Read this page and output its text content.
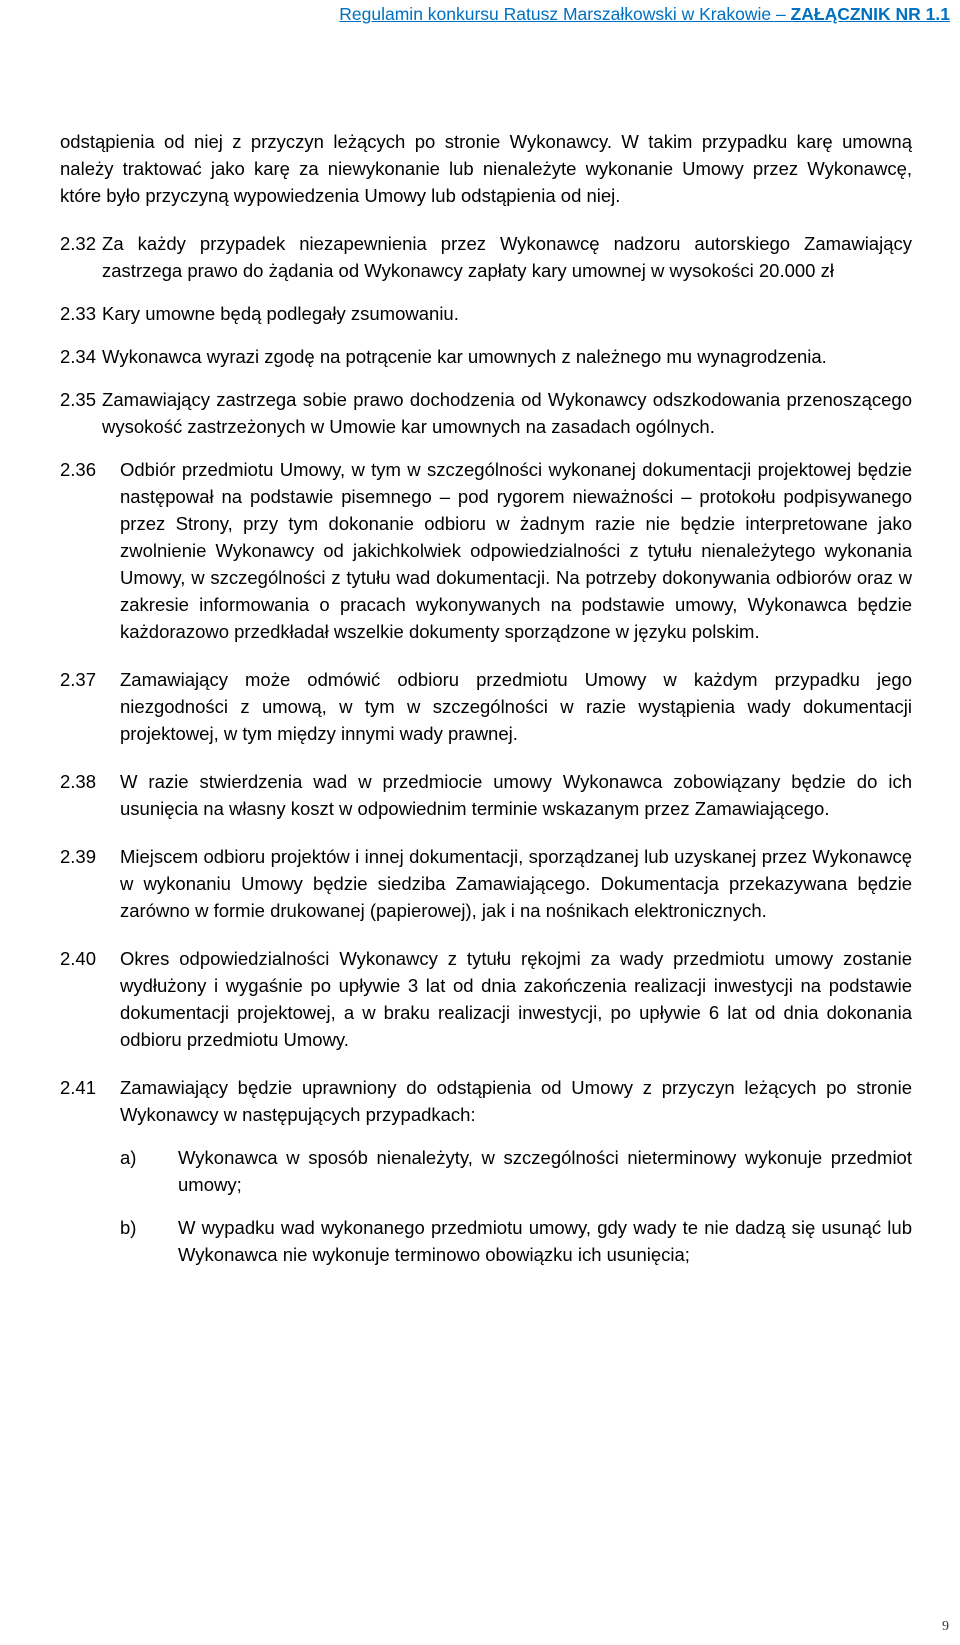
Regulamin konkursu Ratusz Marszałkowski w Krakowie – ZAŁĄCZNIK NR 1.1

odstąpienia od niej z przyczyn leżących po stronie Wykonawcy. W takim przypadku karę umowną należy traktować jako karę za niewykonanie lub nienależyte wykonanie Umowy przez Wykonawcę, które było przyczyną wypowiedzenia Umowy lub odstąpienia od niej.

2.32 Za każdy przypadek niezapewnienia przez Wykonawcę nadzoru autorskiego Zamawiający zastrzega prawo do żądania od Wykonawcy zapłaty kary umownej w wysokości 20.000 zł
2.33 Kary umowne będą podlegały zsumowaniu.
2.34 Wykonawca wyrazi zgodę na potrącenie kar umownych z należnego mu wynagrodzenia.
2.35 Zamawiający zastrzega sobie prawo dochodzenia od Wykonawcy odszkodowania przenoszącego wysokość zastrzeżonych w Umowie kar umownych na zasadach ogólnych.
2.36	Odbiór przedmiotu Umowy, w tym w szczególności wykonanej dokumentacji projektowej będzie następował na podstawie pisemnego – pod rygorem nieważności – protokołu podpisywanego przez Strony, przy tym dokonanie odbioru w żadnym razie nie będzie interpretowane jako zwolnienie Wykonawcy od jakichkolwiek odpowiedzialności z tytułu nienależytego wykonania Umowy, w szczególności z tytułu wad dokumentacji. Na potrzeby dokonywania odbiorów oraz w zakresie informowania o pracach wykonywanych na podstawie umowy, Wykonawca będzie każdorazowo przedkładał wszelkie dokumenty sporządzone w języku polskim.
2.37	Zamawiający może odmówić odbioru przedmiotu Umowy w każdym przypadku jego niezgodności z umową, w tym w szczególności w razie wystąpienia wady dokumentacji projektowej, w tym między innymi wady prawnej.
2.38	W razie stwierdzenia wad w przedmiocie umowy Wykonawca zobowiązany będzie do ich usunięcia na własny koszt w odpowiednim terminie wskazanym przez Zamawiającego.
2.39	Miejscem odbioru projektów i innej dokumentacji, sporządzanej lub uzyskanej przez Wykonawcę w wykonaniu Umowy będzie siedziba Zamawiającego. Dokumentacja przekazywana będzie zarówno w formie drukowanej (papierowej), jak i na nośnikach elektronicznych.
2.40	Okres odpowiedzialności Wykonawcy z tytułu rękojmi za wady przedmiotu umowy zostanie wydłużony i wygaśnie po upływie 3 lat od dnia zakończenia realizacji inwestycji na podstawie dokumentacji projektowej, a w braku realizacji inwestycji, po upływie 6 lat od dnia dokonania odbioru przedmiotu Umowy.
2.41	Zamawiający będzie uprawniony do odstąpienia od Umowy z przyczyn leżących po stronie Wykonawcy w następujących przypadkach:
a)	Wykonawca w sposób nienależyty, w szczególności nieterminowy wykonuje przedmiot umowy;
b)	W wypadku wad wykonanego przedmiotu umowy, gdy wady te nie dadzą się usunąć lub Wykonawca nie wykonuje terminowo obowiązku ich usunięcia;
9
